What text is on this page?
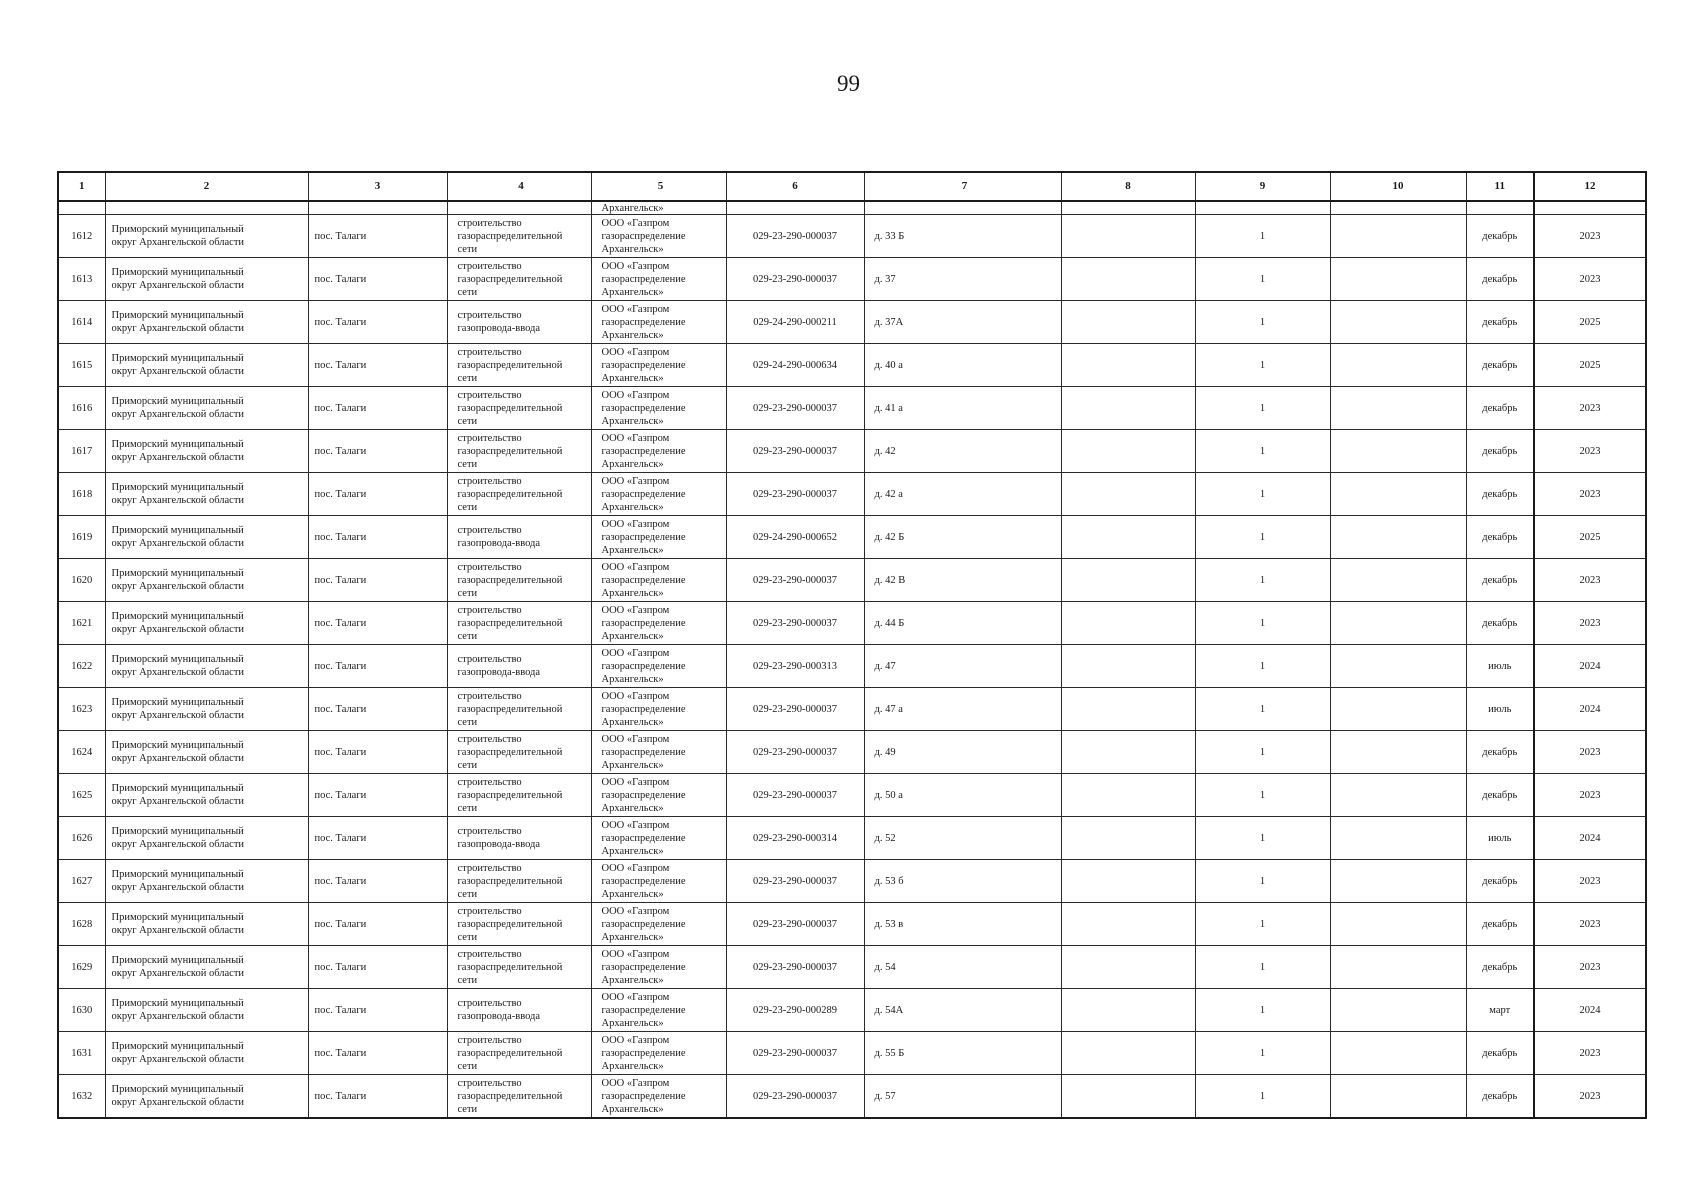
99
1	2	3	4	5	6	7	8	9	10	11	12
				Архангельск»							

1612	Приморский муниципальный
округ Архангельской области	пос. Талаги	строительство
газораспределительной
сети	ООО «Газпром
газораспределение
Архангельск»	029-23-290-000037	д. 33 Б		1		декабрь	2023

1613	Приморский муниципальный
округ Архангельской области	пос. Талаги	строительство
газораспределительной
сети	ООО «Газпром
газораспределение
Архангельск»	029-23-290-000037	д. 37		1		декабрь	2023

1614	Приморский муниципальный
округ Архангельской области	пос. Талаги	строительство
газопровода-ввода	ООО «Газпром
газораспределение
Архангельск»	029-24-290-000211	д. 37А		1		декабрь	2025

1615	Приморский муниципальный
округ Архангельской области	пос. Талаги	строительство
газораспределительной
сети	ООО «Газпром
газораспределение
Архангельск»	029-24-290-000634	д. 40 а		1		декабрь	2025

1616	Приморский муниципальный
округ Архангельской области	пос. Талаги	строительство
газораспределительной
сети	ООО «Газпром
газораспределение
Архангельск»	029-23-290-000037	д. 41 а		1		декабрь	2023

1617	Приморский муниципальный
округ Архангельской области	пос. Талаги	строительство
газораспределительной
сети	ООО «Газпром
газораспределение
Архангельск»	029-23-290-000037	д. 42		1		декабрь	2023

1618	Приморский муниципальный
округ Архангельской области	пос. Талаги	строительство
газораспределительной
сети	ООО «Газпром
газораспределение
Архангельск»	029-23-290-000037	д. 42 а		1		декабрь	2023

1619	Приморский муниципальный
округ Архангельской области	пос. Талаги	строительство
газопровода-ввода	ООО «Газпром
газораспределение
Архангельск»	029-24-290-000652	д. 42 Б		1		декабрь	2025

1620	Приморский муниципальный
округ Архангельской области	пос. Талаги	строительство
газораспределительной
сети	ООО «Газпром
газораспределение
Архангельск»	029-23-290-000037	д. 42 В		1		декабрь	2023

1621	Приморский муниципальный
округ Архангельской области	пос. Талаги	строительство
газораспределительной
сети	ООО «Газпром
газораспределение
Архангельск»	029-23-290-000037	д. 44 Б		1		декабрь	2023

1622	Приморский муниципальный
округ Архангельской области	пос. Талаги	строительство
газопровода-ввода	ООО «Газпром
газораспределение
Архангельск»	029-23-290-000313	д. 47		1		июль	2024

1623	Приморский муниципальный
округ Архангельской области	пос. Талаги	строительство
газораспределительной
сети	ООО «Газпром
газораспределение
Архангельск»	029-23-290-000037	д. 47 а		1		июль	2024

1624	Приморский муниципальный
округ Архангельской области	пос. Талаги	строительство
газораспределительной
сети	ООО «Газпром
газораспределение
Архангельск»	029-23-290-000037	д. 49		1		декабрь	2023

1625	Приморский муниципальный
округ Архангельской области	пос. Талаги	строительство
газораспределительной
сети	ООО «Газпром
газораспределение
Архангельск»	029-23-290-000037	д. 50 а		1		декабрь	2023

1626	Приморский муниципальный
округ Архангельской области	пос. Талаги	строительство
газопровода-ввода	ООО «Газпром
газораспределение
Архангельск»	029-23-290-000314	д. 52		1		июль	2024

1627	Приморский муниципальный
округ Архангельской области	пос. Талаги	строительство
газораспределительной
сети	ООО «Газпром
газораспределение
Архангельск»	029-23-290-000037	д. 53 б		1		декабрь	2023

1628	Приморский муниципальный
округ Архангельской области	пос. Талаги	строительство
газораспределительной
сети	ООО «Газпром
газораспределение
Архангельск»	029-23-290-000037	д. 53 в		1		декабрь	2023

1629	Приморский муниципальный
округ Архангельской области	пос. Талаги	строительство
газораспределительной
сети	ООО «Газпром
газораспределение
Архангельск»	029-23-290-000037	д. 54		1		декабрь	2023

1630	Приморский муниципальный
округ Архангельской области	пос. Талаги	строительство
газопровода-ввода	ООО «Газпром
газораспределение
Архангельск»	029-23-290-000289	д. 54А		1		март	2024

1631	Приморский муниципальный
округ Архангельской области	пос. Талаги	строительство
газораспределительной
сети	ООО «Газпром
газораспределение
Архангельск»	029-23-290-000037	д. 55 Б		1		декабрь	2023

1632	Приморский муниципальный
округ Архангельской области	пос. Талаги	строительство
газораспределительной
сети	ООО «Газпром
газораспределение
Архангельск»	029-23-290-000037	д. 57		1		декабрь	2023
